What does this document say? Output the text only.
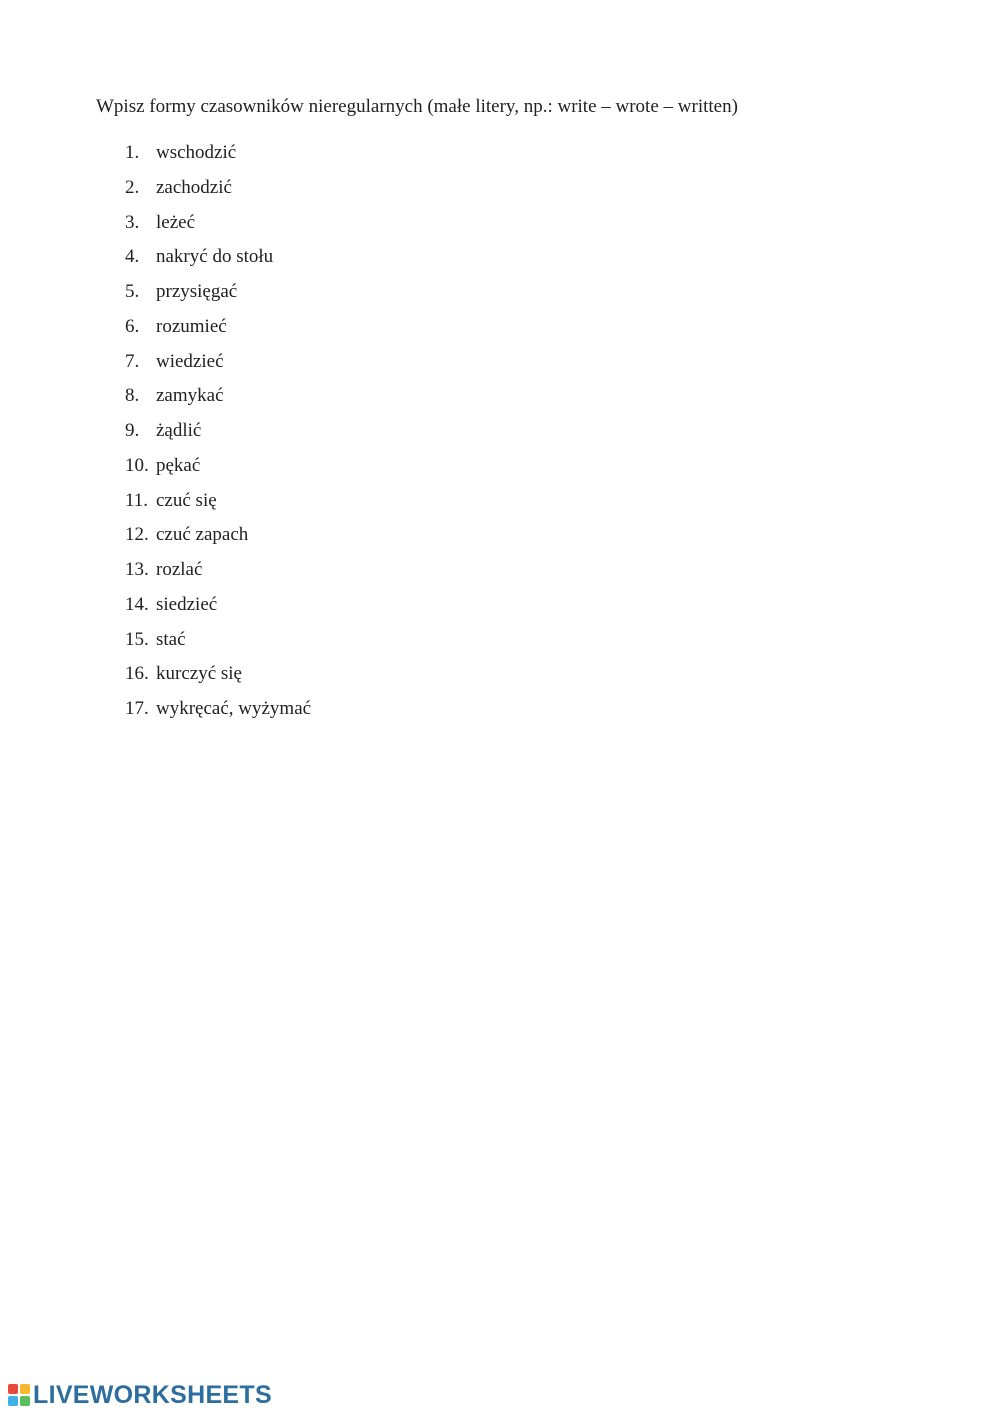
Wpisz formy czasowników nieregularnych (małe litery, np.: write – wrote – written)

1. wschodzić
2. zachodzić
3. leżeć
4. nakryć do stołu
5. przysięgać
6. rozumieć
7. wiedzieć
8. zamykać
9. żądlić
10. pękać
11. czuć się
12. czuć zapach
13. rozlać
14. siedzieć
15. stać
16. kurczyć się
17. wykręcać, wyżymać
LIVEWORKSHEETS
